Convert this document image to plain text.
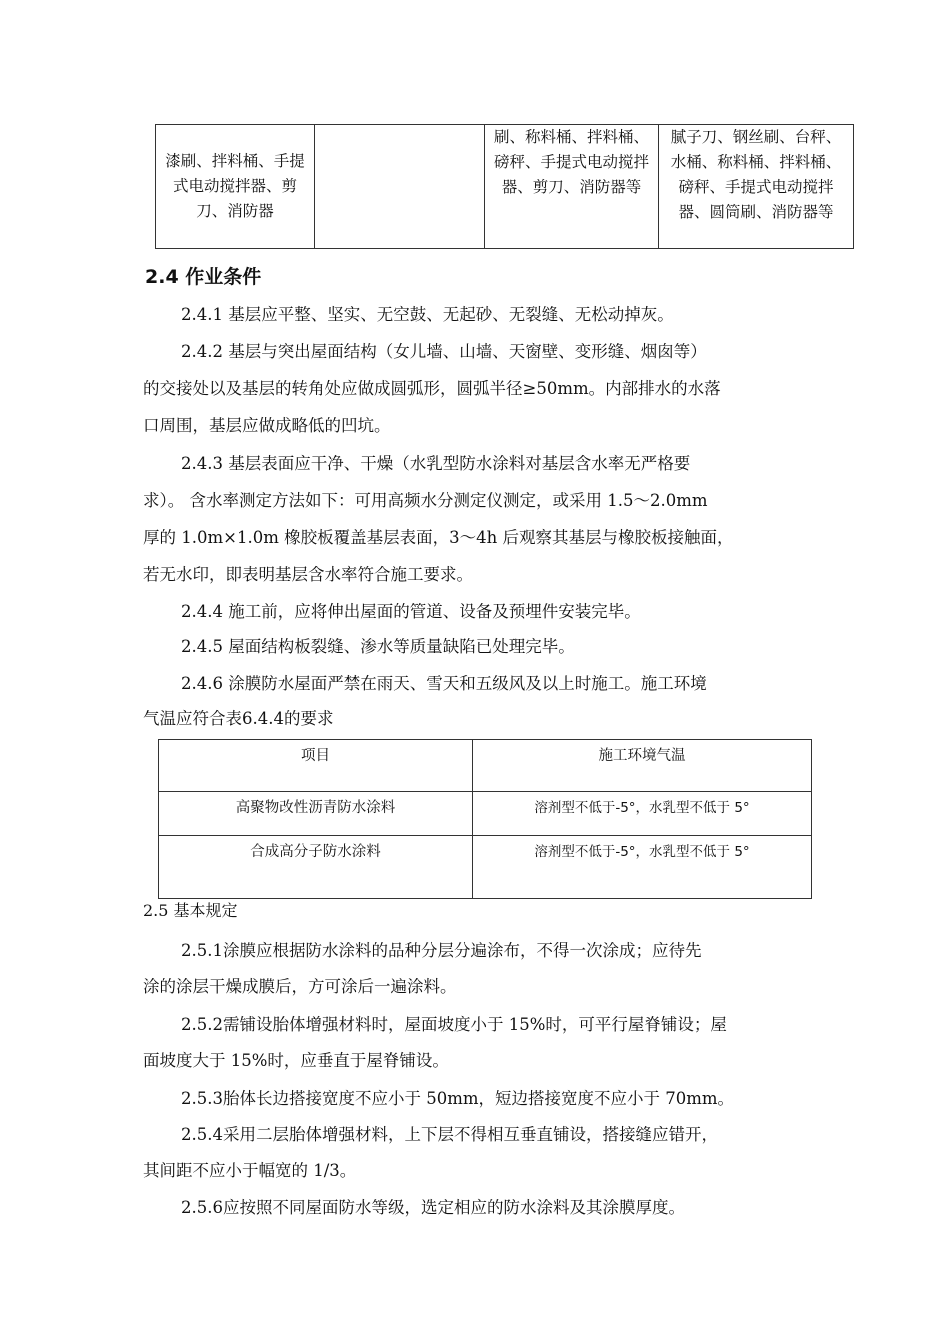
漆刷、拌料桶、手提式电动搅拌器、剪刀、消防器		刷、称料桶、拌料桶、磅秤、手提式电动搅拌器、剪刀、消防器等	腻子刀、钢丝刷、台秤、水桶、称料桶、拌料桶、磅秤、手提式电动搅拌器、圆筒刷、消防器等
2.4 作业条件
2.4.1 基层应平整、坚实、无空鼓、无起砂、无裂缝、无松动掉灰。
2.4.2 基层与突出屋面结构（女儿墙、山墙、天窗壁、变形缝、烟囱等）
的交接处以及基层的转角处应做成圆弧形，圆弧半径≥50mm。内部排水的水落
口周围，基层应做成略低的凹坑。
2.4.3 基层表面应干净、干燥（水乳型防水涂料对基层含水率无严格要
求）。 含水率测定方法如下：可用高频水分测定仪测定，或采用 1.5～2.0mm
厚的 1.0m×1.0m 橡胶板覆盖基层表面，3～4h 后观察其基层与橡胶板接触面，
若无水印，即表明基层含水率符合施工要求。
2.4.4 施工前，应将伸出屋面的管道、设备及预埋件安装完毕。
2.4.5 屋面结构板裂缝、渗水等质量缺陷已处理完毕。
2.4.6 涂膜防水屋面严禁在雨天、雪天和五级风及以上时施工。施工环境
气温应符合表6.4.4的要求
项目	施工环境气温
高聚物改性沥青防水涂料	溶剂型不低于-5°，水乳型不低于 5°
合成高分子防水涂料	溶剂型不低于-5°，水乳型不低于 5°
2.5 基本规定
2.5.1涂膜应根据防水涂料的品种分层分遍涂布，不得一次涂成；应待先
涂的涂层干燥成膜后，方可涂后一遍涂料。
2.5.2需铺设胎体增强材料时，屋面坡度小于 15%时，可平行屋脊铺设；屋
面坡度大于 15%时，应垂直于屋脊铺设。
2.5.3胎体长边搭接宽度不应小于 50mm，短边搭接宽度不应小于 70mm。
2.5.4采用二层胎体增强材料，上下层不得相互垂直铺设，搭接缝应错开，
其间距不应小于幅宽的 1/3。
2.5.6应按照不同屋面防水等级，选定相应的防水涂料及其涂膜厚度。
